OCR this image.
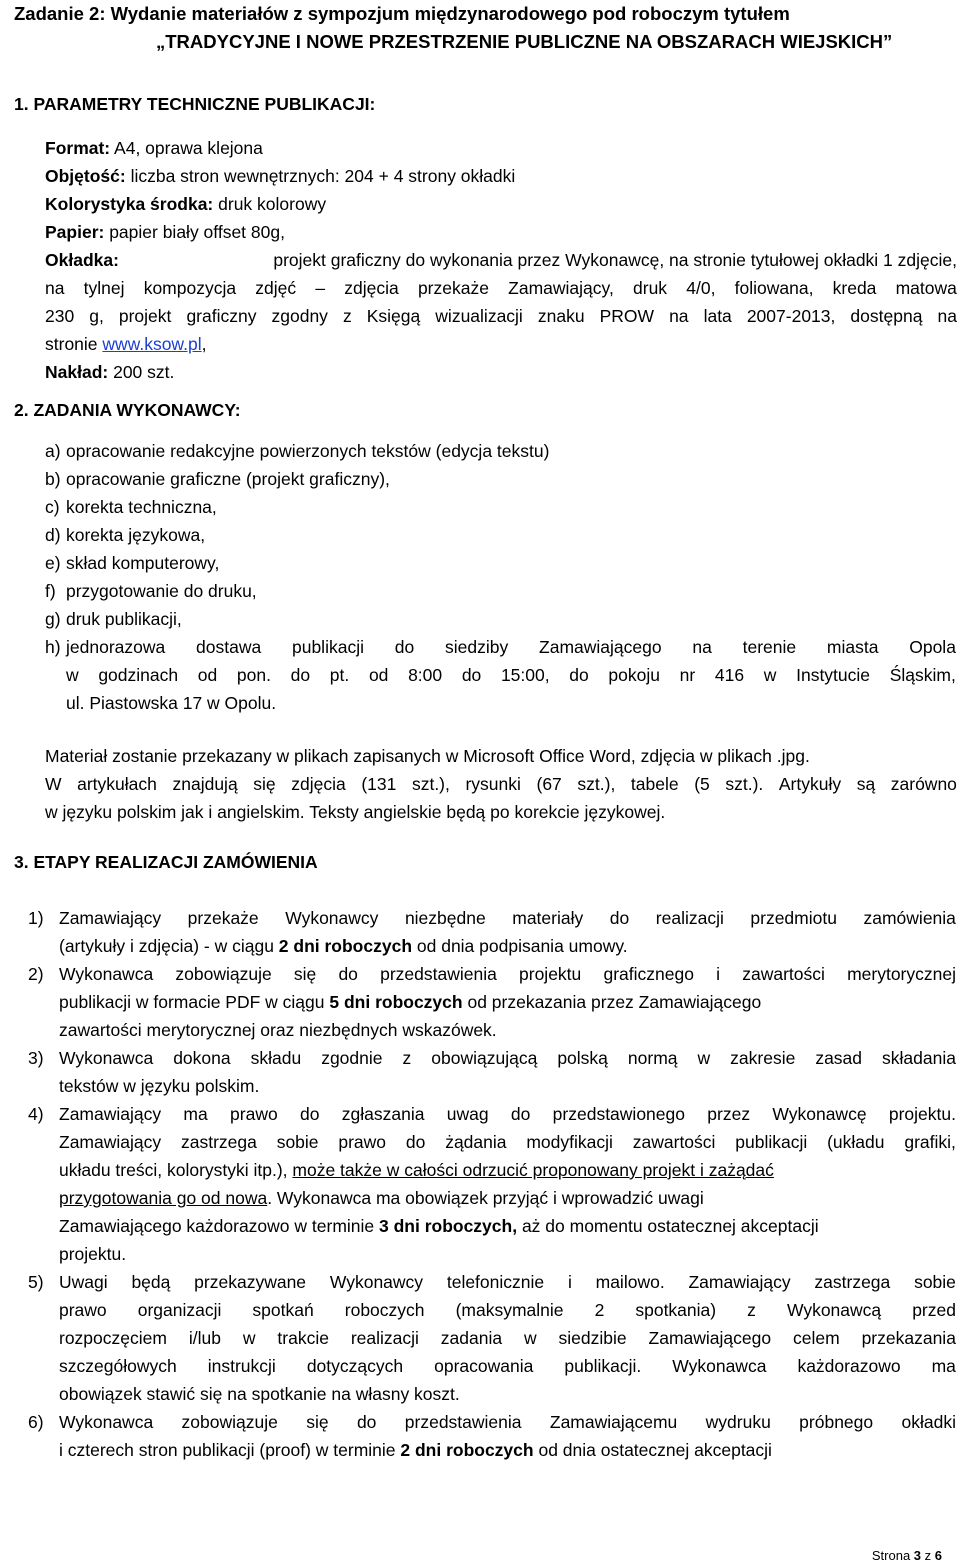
Zadanie 2: Wydanie materiałów z sympozjum międzynarodowego pod roboczym tytułem
„TRADYCYJNE I NOWE PRZESTRZENIE PUBLICZNE NA OBSZARACH WIEJSKICH”
1. PARAMETRY TECHNICZNE PUBLIKACJI:
Format: A4, oprawa klejona
Objętość: liczba stron wewnętrznych: 204 + 4 strony okładki
Kolorystyka środka: druk kolorowy
Papier: papier biały offset 80g,
Okładka:	projekt graficzny do wykonania przez Wykonawcę, na stronie tytułowej okładki 1 zdjęcie,
na tylnej kompozycja zdjęć – zdjęcia przekaże Zamawiający, druk 4/0, foliowana, kreda matowa
230 g, projekt graficzny zgodny z Księgą wizualizacji znaku PROW na lata 2007-2013, dostępną na
stronie www.ksow.pl,
Nakład: 200 szt.
2. ZADANIA WYKONAWCY:
a) opracowanie redakcyjne powierzonych tekstów (edycja tekstu)
b) opracowanie graficzne (projekt graficzny),
c) korekta techniczna,
d) korekta językowa,
e) skład komputerowy,
f) przygotowanie do druku,
g) druk publikacji,
h) jednorazowa dostawa publikacji do siedziby Zamawiającego na terenie miasta Opola
w godzinach od pon. do pt. od 8:00 do 15:00, do pokoju nr 416 w Instytucie Śląskim,
ul. Piastowska 17 w Opolu.
Materiał zostanie przekazany w plikach zapisanych w Microsoft Office Word, zdjęcia w plikach .jpg.
W artykułach znajdują się zdjęcia (131 szt.), rysunki (67 szt.), tabele (5 szt.). Artykuły są zarówno
w języku polskim jak i angielskim. Teksty angielskie będą po korekcie językowej.
3. ETAPY REALIZACJI ZAMÓWIENIA
1) Zamawiający przekaże Wykonawcy niezbędne materiały do realizacji przedmiotu zamówienia
(artykuły i zdjęcia) - w ciągu 2 dni roboczych od dnia podpisania umowy.
2) Wykonawca zobowiązuje się do przedstawienia projektu graficznego i zawartości merytorycznej
publikacji w formacie PDF w ciągu 5 dni roboczych od przekazania przez Zamawiającego
zawartości merytorycznej oraz niezbędnych wskazówek.
3) Wykonawca dokona składu zgodnie z obowiązującą polską normą w zakresie zasad składania
tekstów w języku polskim.
4) Zamawiający ma prawo do zgłaszania uwag do przedstawionego przez Wykonawcę projektu.
Zamawiający zastrzega sobie prawo do żądania modyfikacji zawartości publikacji (układu grafiki,
układu treści, kolorystyki itp.), może także w całości odrzucić proponowany projekt i zażądać
przygotowania go od nowa. Wykonawca ma obowiązek przyjąć i wprowadzić uwagi
Zamawiającego każdorazowo w terminie 3 dni roboczych, aż do momentu ostatecznej akceptacji
projektu.
5) Uwagi będą przekazywane Wykonawcy telefonicznie i mailowo. Zamawiający zastrzega sobie
prawo organizacji spotkań roboczych (maksymalnie 2 spotkania) z Wykonawcą przed
rozpoczęciem i/lub w trakcie realizacji zadania w siedzibie Zamawiającego celem przekazania
szczegółowych instrukcji dotyczących opracowania publikacji. Wykonawca każdorazowo ma
obowiązek stawić się na spotkanie na własny koszt.
6) Wykonawca zobowiązuje się do przedstawienia Zamawiającemu wydruku próbnego okładki
i czterech stron publikacji (proof) w terminie 2 dni roboczych od dnia ostatecznej akceptacji
Strona 3 z 6
